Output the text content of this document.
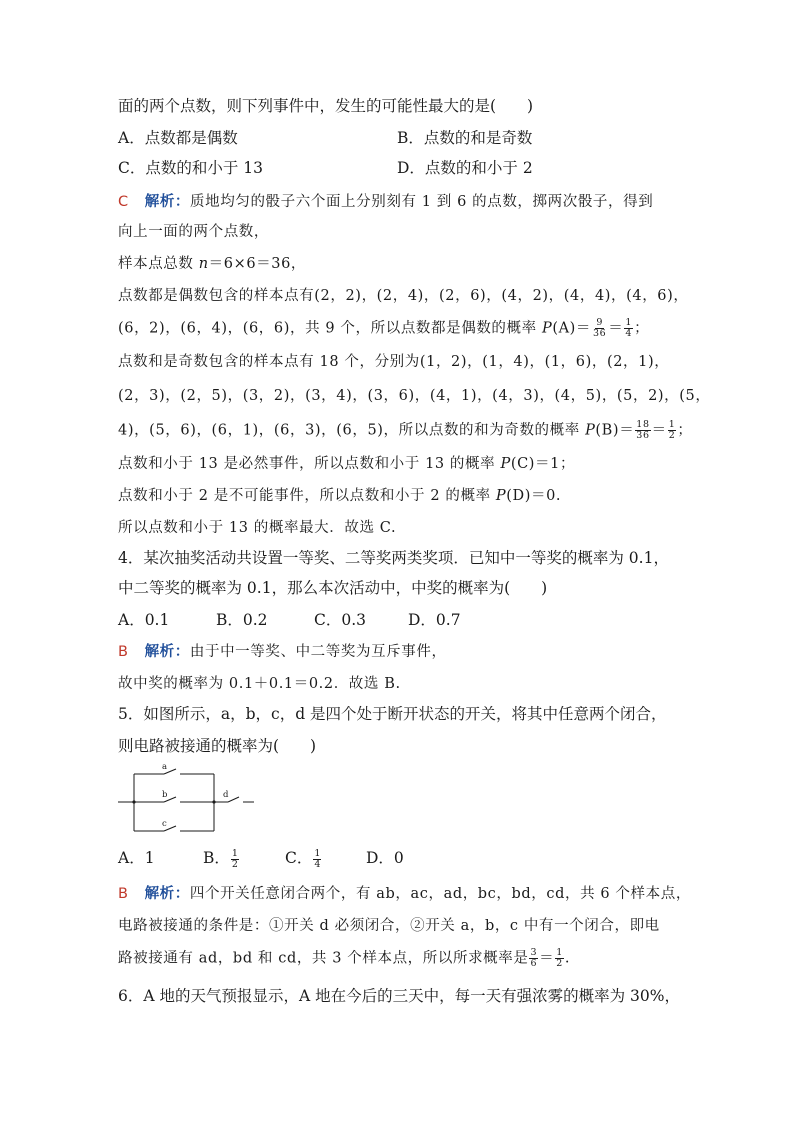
面的两个点数，则下列事件中，发生的可能性最大的是(　　)
A．点数都是偶数	B．点数的和是奇数
C．点数的和小于 13	D．点数的和小于 2
C 解析：质地均匀的骰子六个面上分别刻有 1 到 6 的点数，掷两次骰子，得到
向上一面的两个点数，
样本点总数 n＝6×6＝36，
点数都是偶数包含的样本点有(2，2)，(2，4)，(2，6)，(4，2)，(4，4)，(4，6)，
(6，2)，(6，4)，(6，6)，共 9 个，所以点数都是偶数的概率 $P(A)= \frac{9}{36} = \frac{1}{4}$ ；
点数和是奇数包含的样本点有 18 个，分别为(1，2)，(1，4)，(1，6)，(2，1)，
(2，3)，(2，5)，(3，2)，(3，4)，(3，6)，(4，1)，(4，3)，(4，5)，(5，2)，(5，
4)，(5，6)，(6，1)，(6，3)，(6，5)，所以点数的和为奇数的概率 $P(B)= \frac{18}{36} = \frac{1}{2}$ ；
点数和小于 13 是必然事件，所以点数和小于 13 的概率 P(C)＝1；
点数和小于 2 是不可能事件，所以点数和小于 2 的概率 P(D)＝0.
所以点数和小于 13 的概率最大．故选 C.
4．某次抽奖活动共设置一等奖、二等奖两类奖项．已知中一等奖的概率为 0.1，
中二等奖的概率为 0.1，那么本次活动中，中奖的概率为(　　)
A．0.1	B．0.2	C．0.3	D．0.7
B 解析：由于中一等奖、中二等奖为互斥事件，
故中奖的概率为 0.1＋0.1＝0.2．故选 B.
5．如图所示，a，b，c，d 是四个处于断开状态的开关，将其中任意两个闭合，
则电路被接通的概率为(　　)
a
b
c
d
A．1	B． $\frac{1}{2}$	C． $\frac{1}{4}$	D．0
B 解析：四个开关任意闭合两个，有 ab，ac，ad，bc，bd，cd，共 6 个样本点，
电路被接通的条件是：①开关 d 必须闭合，②开关 a，b，c 中有一个闭合，即电
路被接通有 ad，bd 和 cd，共 3 个样本点，所以所求概率是 $\frac{3}{6} = \frac{1}{2}$ .
6．A 地的天气预报显示，A 地在今后的三天中，每一天有强浓雾的概率为 30%，
